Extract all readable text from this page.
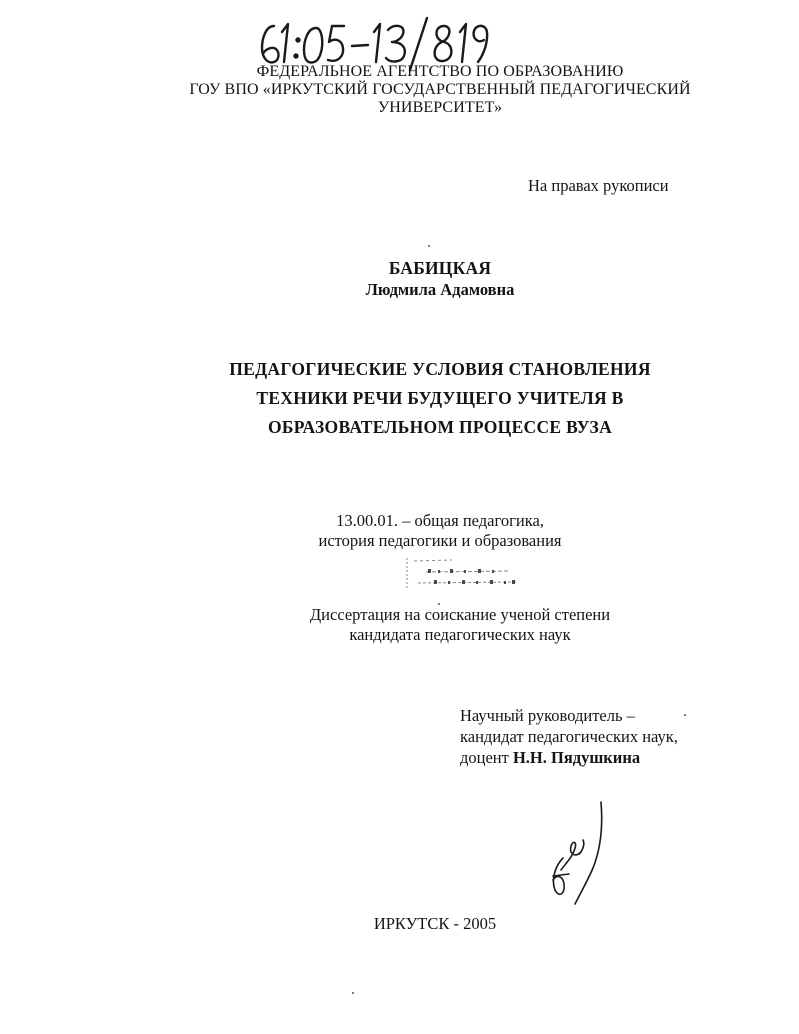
ФЕДЕРАЛЬНОЕ АГЕНТСТВО ПО ОБРАЗОВАНИЮ
ГОУ ВПО «ИРКУТСКИЙ ГОСУДАРСТВЕННЫЙ ПЕДАГОГИЧЕСКИЙ
УНИВЕРСИТЕТ»
На правах рукописи
БАБИЦКАЯ
Людмила Адамовна
ПЕДАГОГИЧЕСКИЕ УСЛОВИЯ СТАНОВЛЕНИЯ
ТЕХНИКИ РЕЧИ БУДУЩЕГО УЧИТЕЛЯ В
ОБРАЗОВАТЕЛЬНОМ ПРОЦЕССЕ ВУЗА
13.00.01. – общая педагогика,
история педагогики и образования
Диссертация на соискание ученой степени
кандидата педагогических наук
Научный руководитель –
кандидат педагогических наук,
доцент Н.Н. Пядушкина
ИРКУТСК - 2005
